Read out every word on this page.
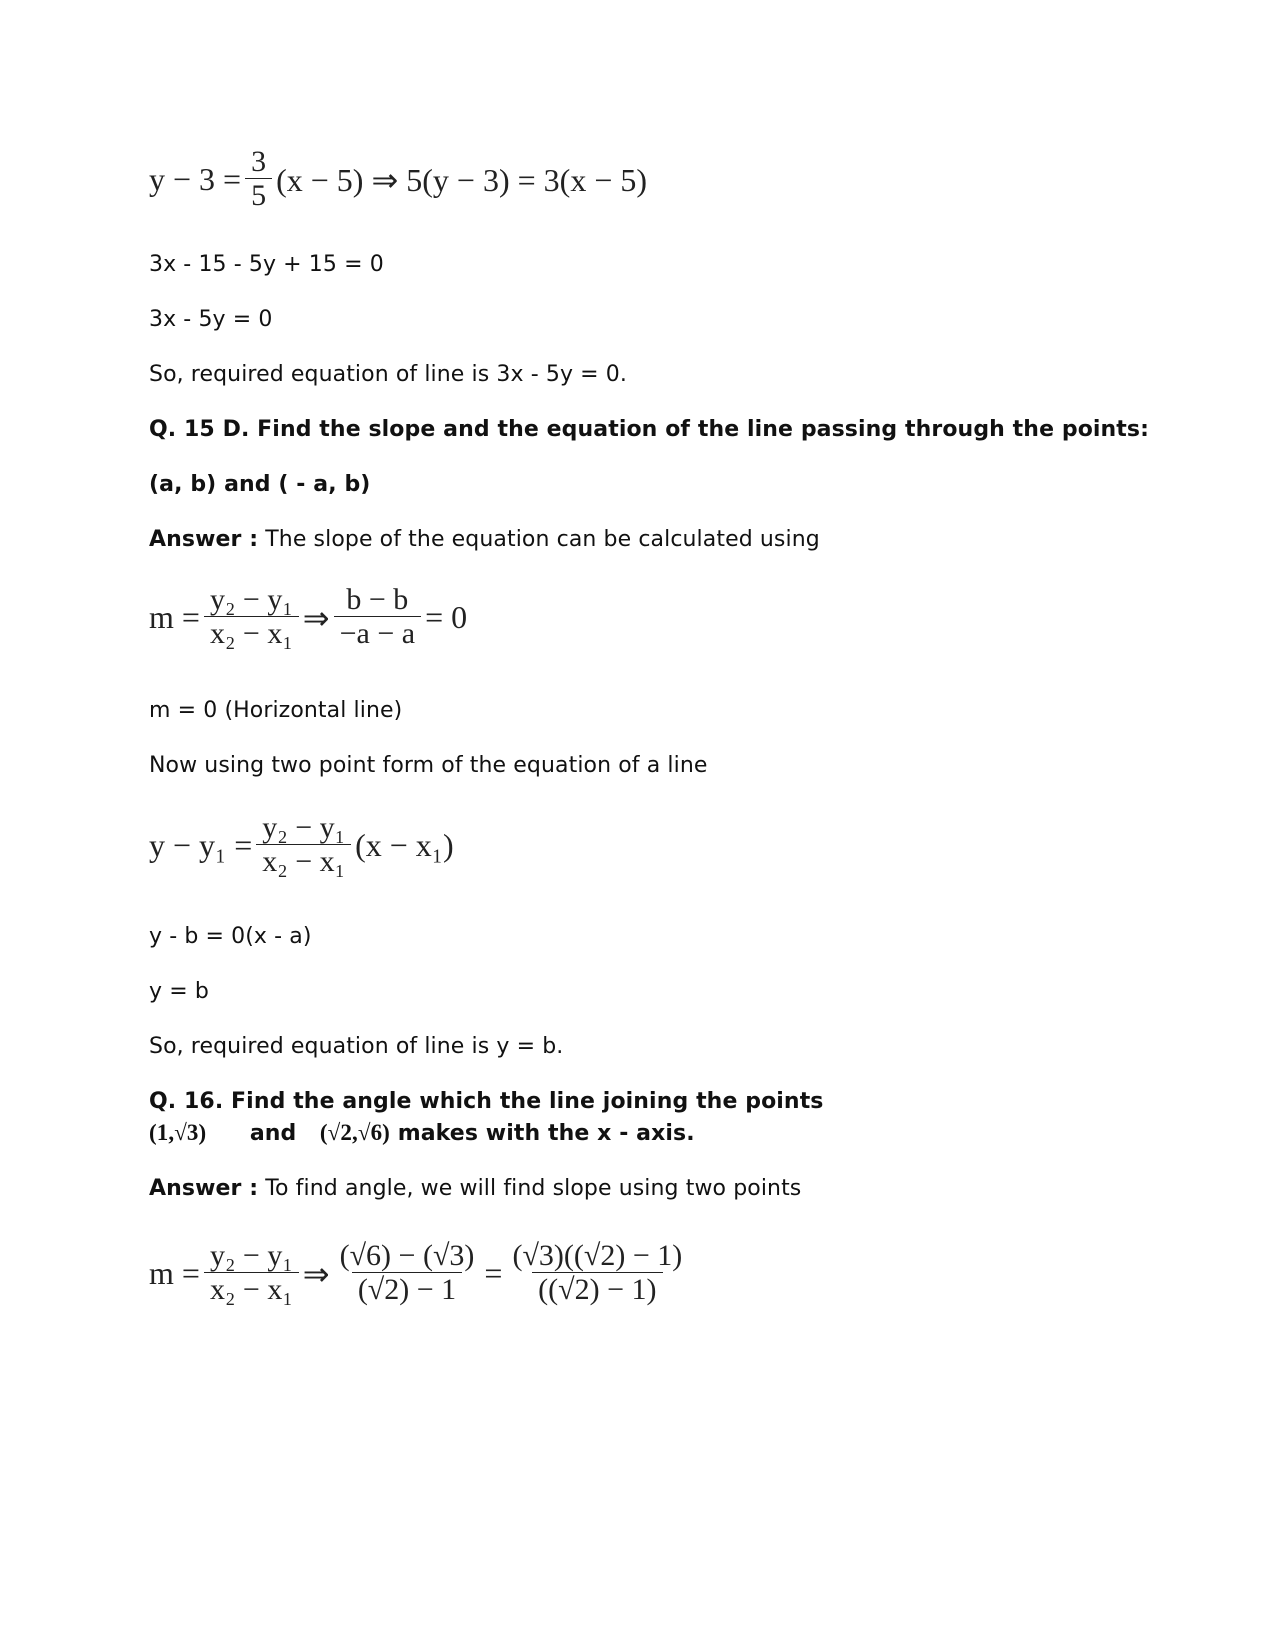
$y - 3 = \frac{3}{5} (x - 5)$ ⇒ 5(y − 3) = 3(x − 5)
3x - 15 - 5y + 15 = 0
3x - 5y = 0
So, required equation of line is 3x - 5y = 0.
Q. 15 D. Find the slope and the equation of the line passing through the points:
(a, b) and ( - a, b)
Answer : The slope of the equation can be calculated using
$m = \frac{\text{y₂ − y₁}}{\text{x₂ − x₁}}$ ⇒ $\frac{b - b}{-a - a} = 0$
m = 0 (Horizontal line)
Now using two point form of the equation of a line
$y - y_1 = \frac{\text{y₂ − y₁}}{\text{x₂ − x₁}} (x - x_1)$
y - b = 0(x - a)
y = b
So, required equation of line is y = b.
Q. 16. Find the angle which the line joining the points
(1,√3) and (√2,√6) makes with the x - axis.
Answer : To find angle, we will find slope using two points
$m = \frac{\text{y₂ − y₁}}{\text{x₂ − x₁}}$ ⇒ $\frac{(√6) - (√3)}{(√2) - 1} = \frac{(√3)((√2) - 1)}{((√2) - 1)}$
